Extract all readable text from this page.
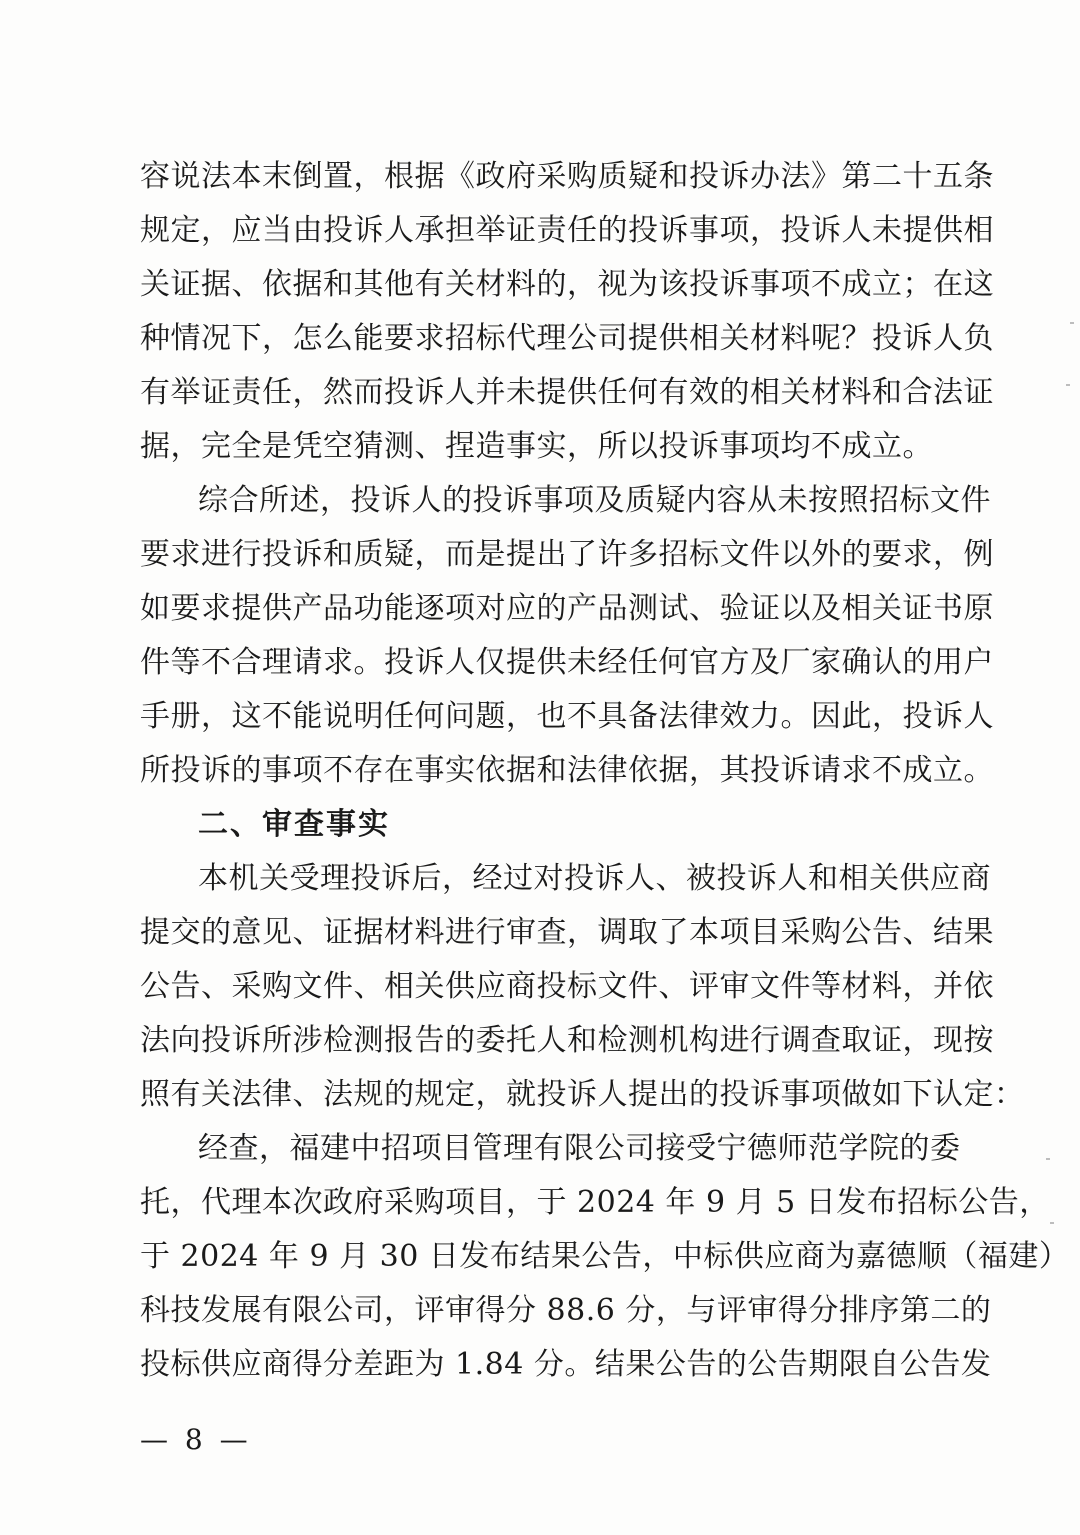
容说法本末倒置，根据《政府采购质疑和投诉办法》第二十五条
规定，应当由投诉人承担举证责任的投诉事项，投诉人未提供相
关证据、依据和其他有关材料的，视为该投诉事项不成立；在这
种情况下，怎么能要求招标代理公司提供相关材料呢？投诉人负
有举证责任，然而投诉人并未提供任何有效的相关材料和合法证
据，完全是凭空猜测、捏造事实，所以投诉事项均不成立。
综合所述，投诉人的投诉事项及质疑内容从未按照招标文件
要求进行投诉和质疑，而是提出了许多招标文件以外的要求，例
如要求提供产品功能逐项对应的产品测试、验证以及相关证书原
件等不合理请求。投诉人仅提供未经任何官方及厂家确认的用户
手册，这不能说明任何问题，也不具备法律效力。因此，投诉人
所投诉的事项不存在事实依据和法律依据，其投诉请求不成立。
二、审查事实
本机关受理投诉后，经过对投诉人、被投诉人和相关供应商
提交的意见、证据材料进行审查，调取了本项目采购公告、结果
公告、采购文件、相关供应商投标文件、评审文件等材料，并依
法向投诉所涉检测报告的委托人和检测机构进行调查取证，现按
照有关法律、法规的规定，就投诉人提出的投诉事项做如下认定：
经查，福建中招项目管理有限公司接受宁德师范学院的委
托，代理本次政府采购项目，于 2024 年 9 月 5 日发布招标公告，
于 2024 年 9 月 30 日发布结果公告，中标供应商为嘉德顺（福建）
科技发展有限公司，评审得分 88.6 分，与评审得分排序第二的
投标供应商得分差距为 1.84 分。结果公告的公告期限自公告发
— 8 —
